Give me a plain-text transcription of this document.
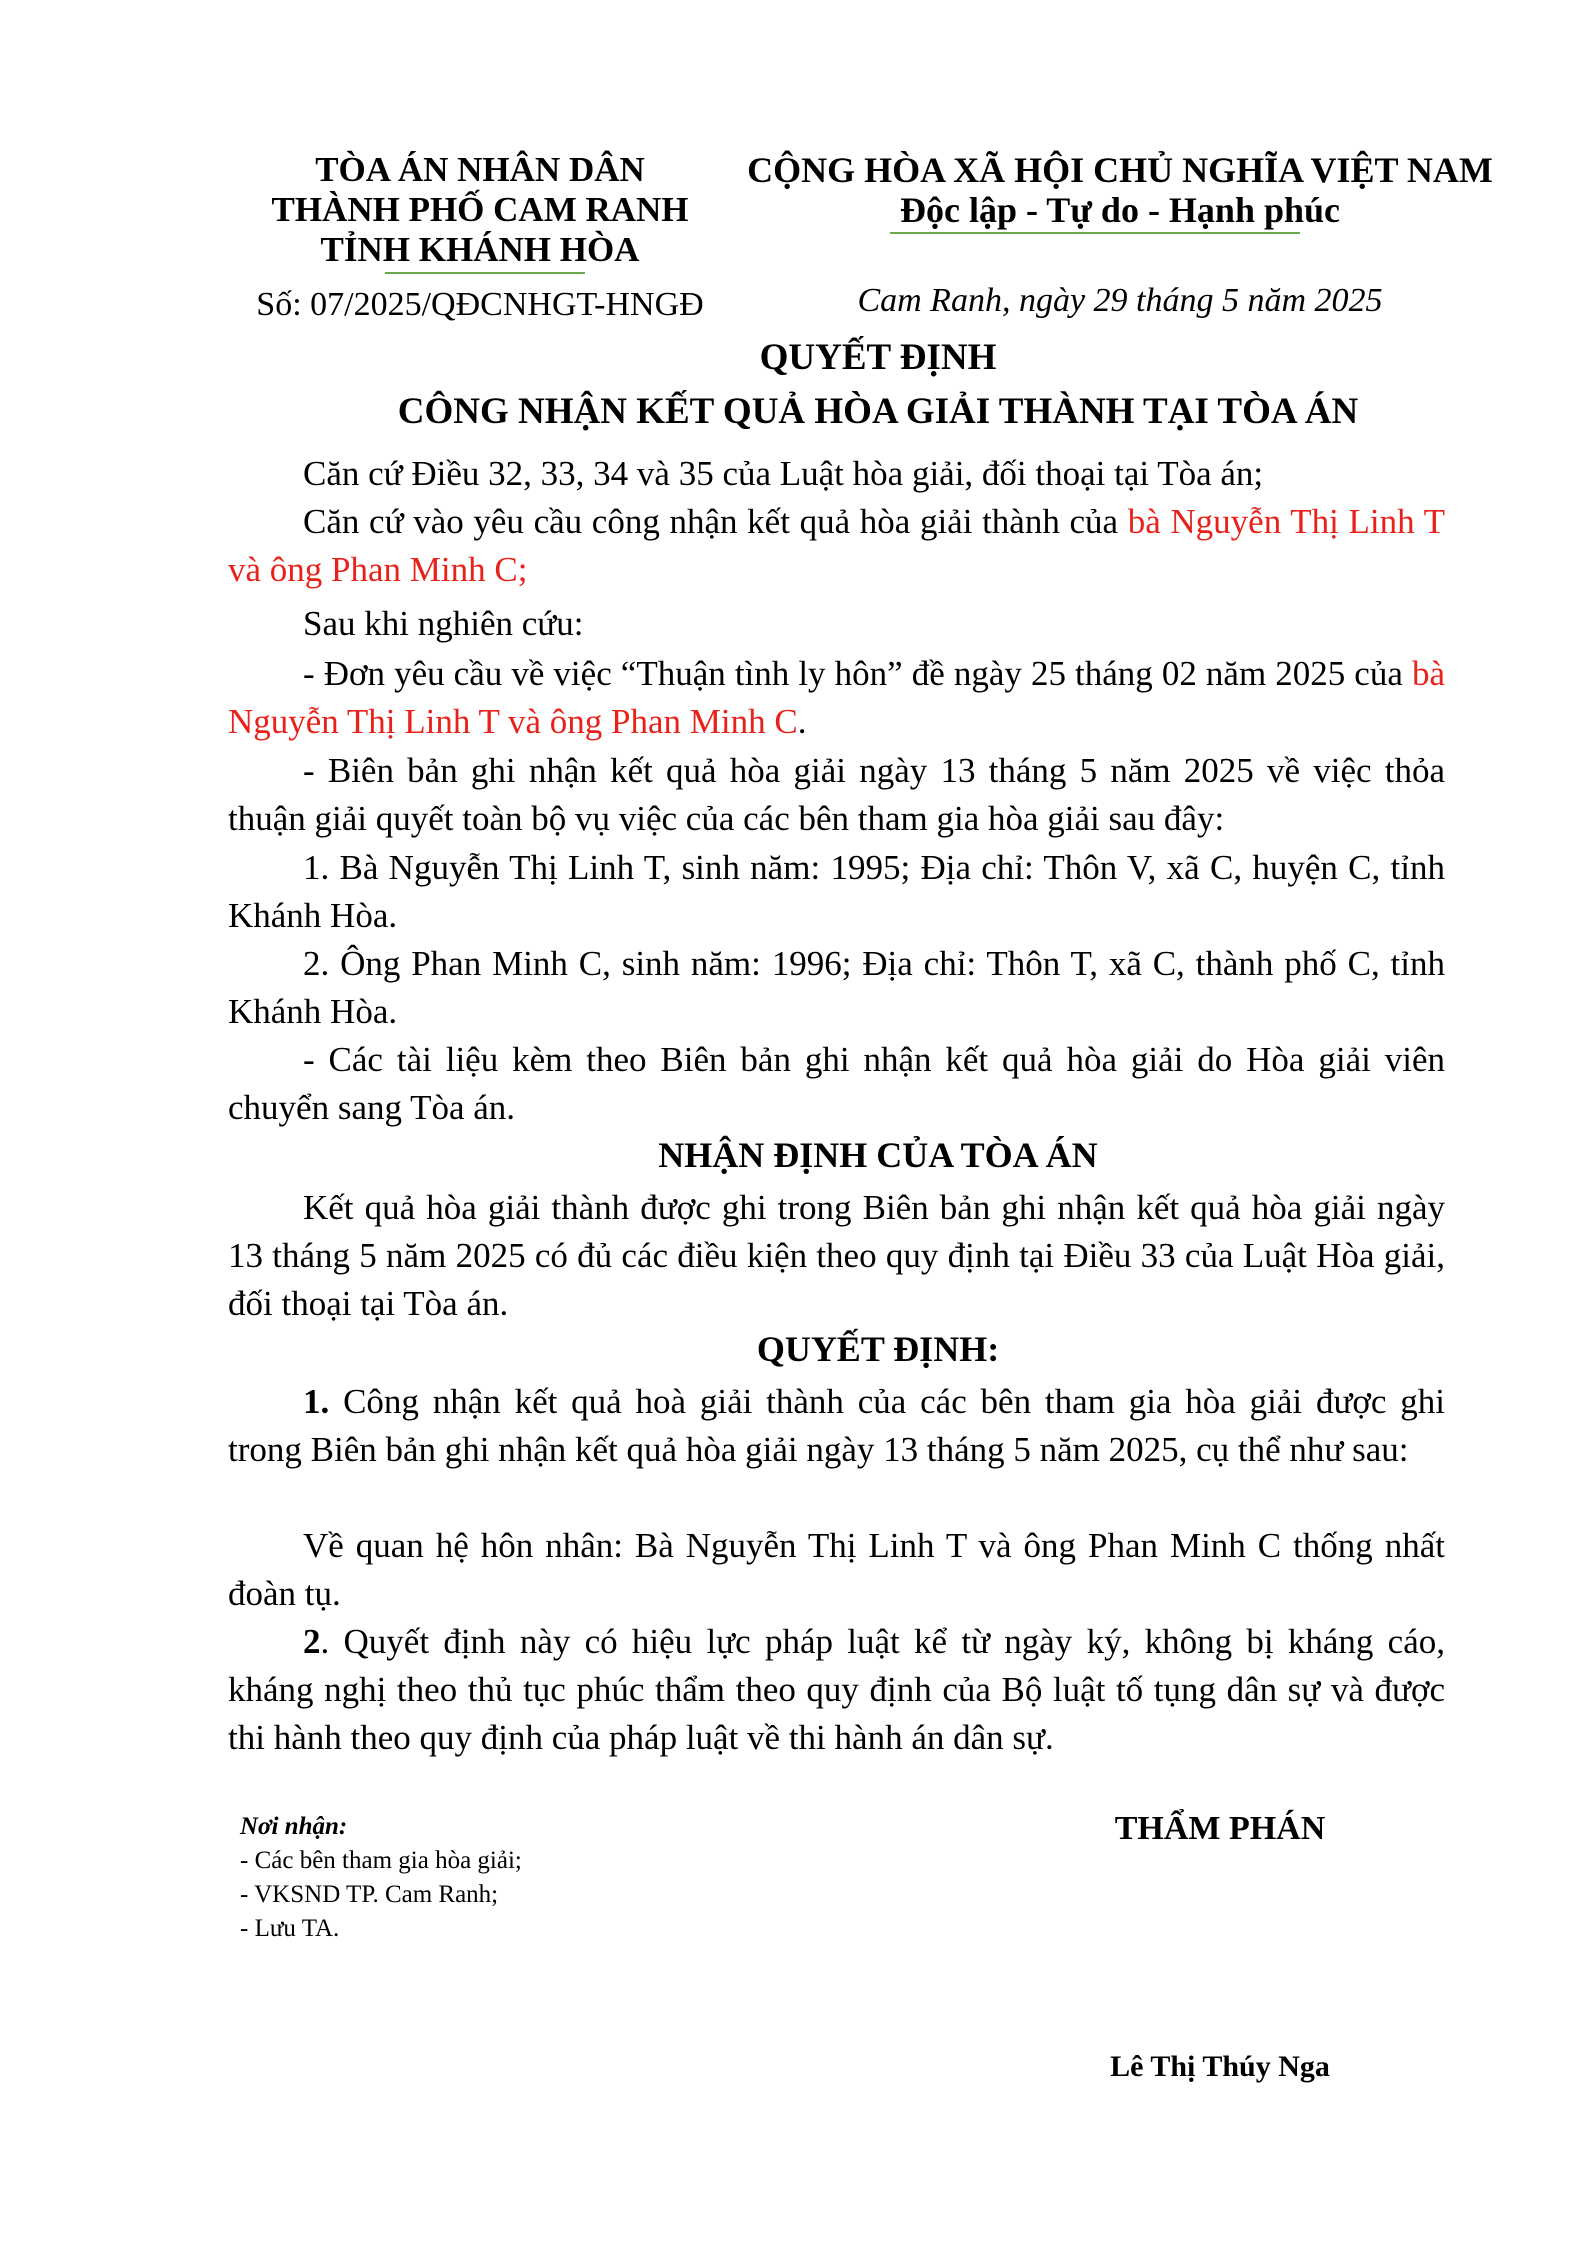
TÒA ÁN NHÂN DÂN
THÀNH PHỐ CAM RANH
TỈNH KHÁNH HÒA
Số: 07/2025/QĐCNHGT-HNGĐ
CỘNG HÒA XÃ HỘI CHỦ NGHĨA VIỆT NAM
Độc lập - Tự do - Hạnh phúc
Cam Ranh, ngày 29 tháng 5 năm 2025
QUYẾT ĐỊNH
CÔNG NHẬN KẾT QUẢ HÒA GIẢI THÀNH TẠI TÒA ÁN

Căn cứ Điều 32, 33, 34 và 35 của Luật hòa giải, đối thoại tại Tòa án;

Căn cứ vào yêu cầu công nhận kết quả hòa giải thành của bà Nguyễn Thị Linh T và ông Phan Minh C;

Sau khi nghiên cứu:

- Đơn yêu cầu về việc “Thuận tình ly hôn” đề ngày 25 tháng 02 năm 2025 của bà Nguyễn Thị Linh T và ông Phan Minh C.

- Biên bản ghi nhận kết quả hòa giải ngày 13 tháng 5 năm 2025 về việc thỏa thuận giải quyết toàn bộ vụ việc của các bên tham gia hòa giải sau đây:

1. Bà Nguyễn Thị Linh T, sinh năm: 1995; Địa chỉ: Thôn V, xã C, huyện C, tỉnh Khánh Hòa.

2. Ông Phan Minh C, sinh năm: 1996; Địa chỉ: Thôn T, xã C, thành phố C, tỉnh Khánh Hòa.

- Các tài liệu kèm theo Biên bản ghi nhận kết quả hòa giải do Hòa giải viên chuyển sang Tòa án.

NHẬN ĐỊNH CỦA TÒA ÁN

Kết quả hòa giải thành được ghi trong Biên bản ghi nhận kết quả hòa giải ngày 13 tháng 5 năm 2025 có đủ các điều kiện theo quy định tại Điều 33 của Luật Hòa giải, đối thoại tại Tòa án.

QUYẾT ĐỊNH:

1. Công nhận kết quả hoà giải thành của các bên tham gia hòa giải được ghi trong Biên bản ghi nhận kết quả hòa giải ngày 13 tháng 5 năm 2025, cụ thể như sau:

Về quan hệ hôn nhân: Bà Nguyễn Thị Linh T và ông Phan Minh C thống nhất đoàn tụ.

2. Quyết định này có hiệu lực pháp luật kể từ ngày ký, không bị kháng cáo, kháng nghị theo thủ tục phúc thẩm theo quy định của Bộ luật tố tụng dân sự và được thi hành theo quy định của pháp luật về thi hành án dân sự.

Nơi nhận:
- Các bên tham gia hòa giải;
- VKSND TP. Cam Ranh;
- Lưu TA.
THẨM PHÁN
Lê Thị Thúy Nga
